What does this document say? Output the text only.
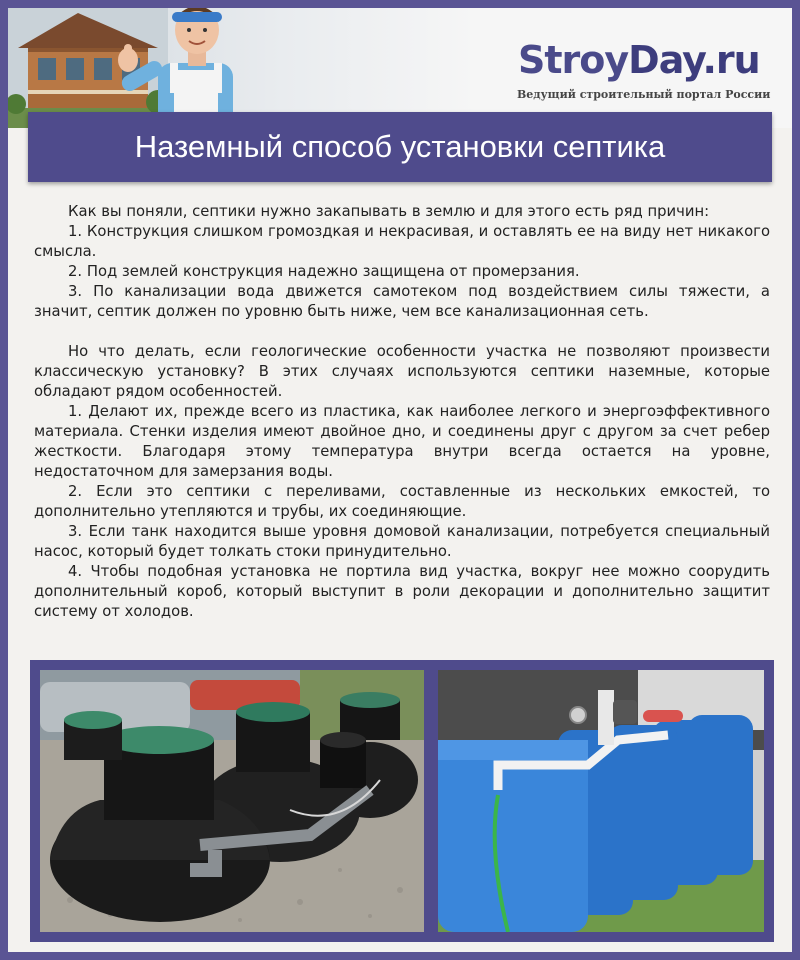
StroyDay.ru
Ведущий строительный портал России
Наземный способ установки септика

Как вы поняли, септики нужно закапывать в землю и для этого есть ряд причин:

1. Конструкция слишком громоздкая и некрасивая, и оставлять ее на виду нет никакого смысла.

2. Под землей конструкция надежно защищена от промерзания.

3. По канализации вода движется самотеком под воздействием силы тяжести, а значит, септик должен по уровню быть ниже, чем все канализационная сеть.

Но что делать, если геологические особенности участка не позволяют произвести классическую установку? В этих случаях используются септики наземные, которые обладают рядом особенностей.

1. Делают их, прежде всего из пластика, как наиболее легкого и энергоэффективного материала. Стенки изделия имеют двойное дно, и соединены друг с другом за счет ребер жесткости. Благодаря этому температура внутри всегда остается на уровне, недостаточном для замерзания воды.

2. Если это септики с переливами, составленные из нескольких емкостей, то дополнительно утепляются и трубы, их соединяющие.

3. Если танк находится выше уровня домовой канализации, потребуется специальный насос, который будет толкать стоки принудительно.

4. Чтобы подобная установка не портила вид участка, вокруг нее можно соорудить дополнительный короб, который выступит в роли декорации и дополнительно защитит систему от холодов.
